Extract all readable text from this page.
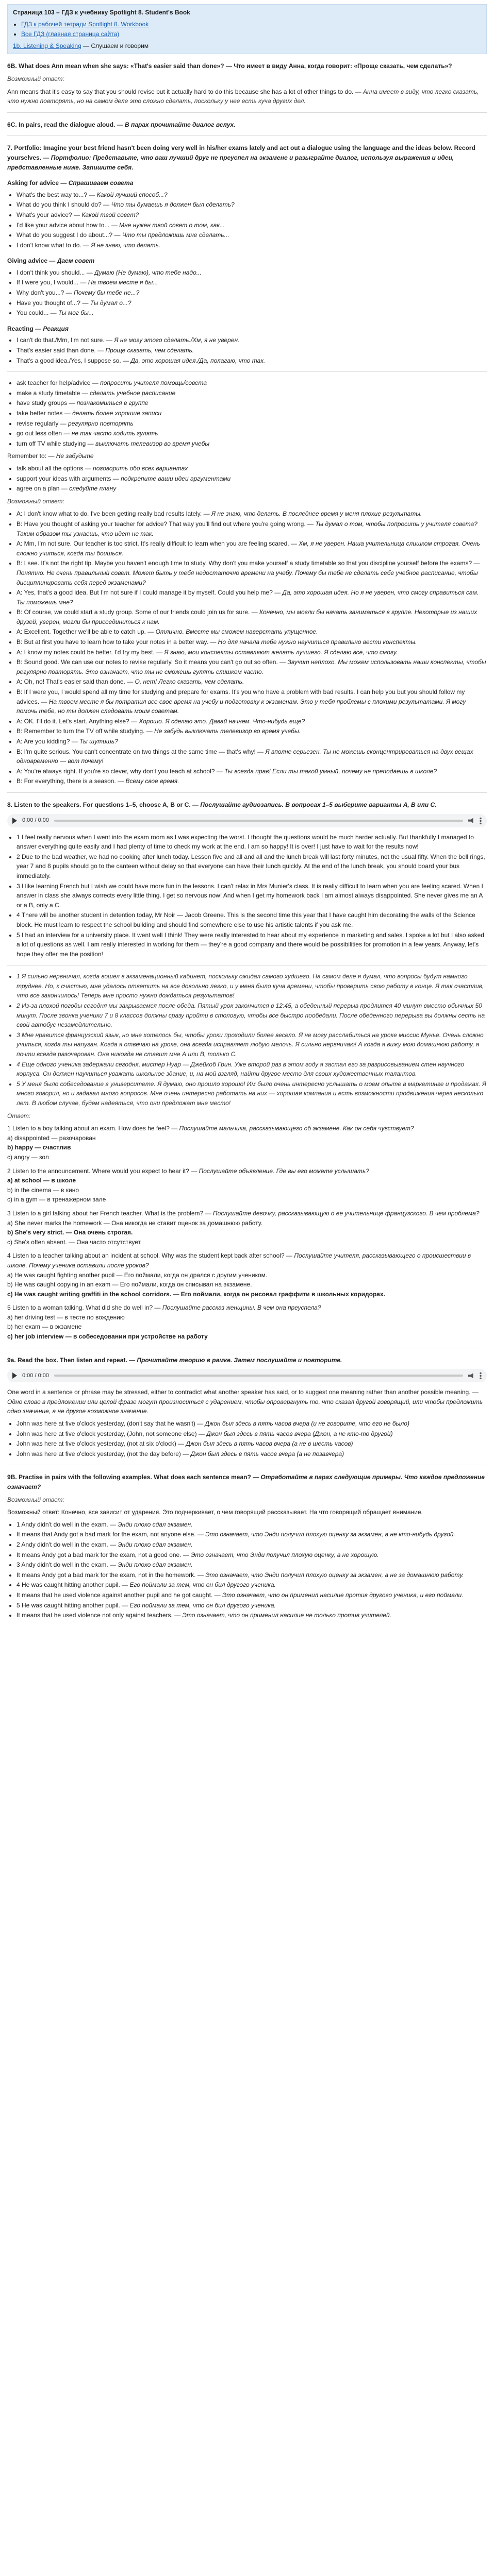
Страница 103 – ГДЗ к учебнику Spotlight 8. Student's Book
• ГДЗ к рабочей тетради Spotlight 8. Workbook
• Все ГДЗ (главная страница сайта)
1b. Listening & Speaking — Слушаем и говорим
6B. What does Ann mean when she says: «That's easier said than done»? — Что имеет в виду Анна, когда говорит: «Проще сказать, чем сделать»?
Возможный ответ:

Ann means that it's easy to say that you should revise but it actually hard to do this because she has a lot of other things to do. — Анна имеет в виду, что легко сказать, что нужно повторять, но на самом деле это сложно сделать, поскольку у нее есть куча других дел.

6C. In pairs, read the dialogue aloud. — В парах прочитайте диалог вслух.
7. Portfolio: Imagine your best friend hasn't been doing very well in his/her exams lately and act out a dialogue using the language and the ideas below. Record yourselves. — Портфолио: Представьте, что ваш лучший друг не преуспел на экзамене и разыграйте диалог, используя выражения и идеи, представленные ниже. Запишите себя.
Asking for advice — Спрашиваем совета
• What's the best way to...? — Какой лучший способ...?
• What do you think I should do? — Что ты думаешь я должен был сделать?
• What's your advice? — Какой твой совет?
• I'd like your advice about how to... — Мне нужен твой совет о том, как...
• What do you suggest I do about...? — Что ты предложишь мне сделать...
• I don't know what to do. — Я не знаю, что делать.
Giving advice — Даем совет
• I don't think you should... — Думаю (Не думаю), что тебе надо...
• If I were you, I would... — На твоем месте я бы...
• Why don't you...? — Почему бы тебе не...?
• Have you thought of...? — Ты думал о...?
• You could... — Ты мог бы...
Reacting — Реакция
• I can't do that./Mm, I'm not sure. — Я не могу этого сделать./Хм, я не уверен.
• That's easier said than done. — Проще сказать, чем сделать.
• That's a good idea./Yes, I suppose so. — Да, это хорошая идея./Да, полагаю, что так.
• ask teacher for help/advice — попросить учителя помощь/совета
• make a study timetable — сделать учебное расписание
• have study groups — познакомиться в группе
• take better notes — делать более хорошие записи
• revise regularly — регулярно повторять
• go out less often — не так часто ходить гулять
• turn off TV while studying — выключать телевизор во время учебы

Remember to: — Не забудьте

• talk about all the options — поговорить обо всех вариантах
• support your ideas with arguments — подкрепите ваши идеи аргументами
• agree on a plan — следуйте плану
Возможный ответ:
• A: I don't know what to do. I've been getting really bad results lately. — Я не знаю, что делать. В последнее время у меня плохие результаты.
• B: Have you thought of asking your teacher for advice? That way you'll find out where you're going wrong. — Ты думал о том, чтобы попросить у учителя совета? Таким образом ты узнаешь, что идет не так.
• A: Mm, I'm not sure. Our teacher is too strict. It's really difficult to learn when you are feeling scared. — Хм, я не уверен. Наша учительница слишком строгая. Очень сложно учиться, когда ты боишься.
• B: I see. It's not the right tip. Maybe you haven't enough time to study. Why don't you make yourself a study timetable so that you discipline yourself before the exams? — Понятно. Не очень правильный совет. Может быть у тебя недостаточно времени на учебу. Почему бы тебе не сделать себе учебное расписание, чтобы дисциплинировать себя перед экзаменами?
• A: Yes, that's a good idea. But I'm not sure if I could manage it by myself. Could you help me? — Да, это хорошая идея. Но я не уверен, что смогу справиться сам. Ты поможешь мне?
• B: Of course, we could start a study group. Some of our friends could join us for sure. — Конечно, мы могли бы начать заниматься в группе. Некоторые из наших друзей, уверен, могли бы присоединиться к нам.
• A: Excellent. Together we'll be able to catch up. — Отлично. Вместе мы сможем наверстать упущенное.
• B: But at first you have to learn how to take your notes in a better way. — Но для начала тебе нужно научиться правильно вести конспекты.
• A: I know my notes could be better. I'd try my best. — Я знаю, мои конспекты оставляют желать лучшего. Я сделаю все, что смогу.
• B: Sound good. We can use our notes to revise regularly. So it means you can't go out so often. — Звучит неплохо. Мы можем использовать наши конспекты, чтобы регулярно повторять. Это означает, что ты не сможешь гулять слишком часто.
• A: Oh, no! That's easier said than done. — О, нет! Легко сказать, чем сделать.
• B: If I were you, I would spend all my time for studying and prepare for exams. It's you who have a problem with bad results. I can help you but you should follow my advices. — На твоем месте я бы потратил все свое время на учебу и подготовку к экзаменам. Это у тебя проблемы с плохими результатами. Я могу помочь тебе, но ты должен следовать моим советам.
• A: OK. I'll do it. Let's start. Anything else? — Хорошо. Я сделаю это. Давай начнем. Что-нибудь еще?
• B: Remember to turn the TV off while studying. — Не забудь выключать телевизор во время учебы.
• A: Are you kidding? — Ты шутишь?
• B: I'm quite serious. You can't concentrate on two things at the same time — that's why! — Я вполне серьезен. Ты не можешь сконцентрироваться на двух вещах одновременно — вот почему!
• A: You're always right. If you're so clever, why don't you teach at school? — Ты всегда прав! Если ты такой умный, почему не преподаешь в школе?
• B: For everything, there is a season. — Всему свое время.
8. Listen to the speakers. For questions 1–5, choose A, B or C. — Послушайте аудиозапись. В вопросах 1–5 выберите варианты А, В или С.
0:00 / 0:00
• 1 I feel really nervous when I went into the exam room as I was expecting the worst. I thought the questions would be much harder actually. But thankfully I managed to answer everything quite easily and I had plenty of time to check my work at the end. I am so happy! It is over! I just have to wait for the results now!
• 2 Due to the bad weather, we had no cooking after lunch today. Lesson five and all and all and the lunch break will last forty minutes, not the usual fifty. When the bell rings, year 7 and 8 pupils should go to the canteen without delay so that everyone can have their lunch quickly. At the end of the lunch break, you should board your bus immediately.
• 3 I like learning French but I wish we could have more fun in the lessons. I can't relax in Mrs Munier's class. It is really difficult to learn when you are feeling scared. When I answer in class she always corrects every little thing. I get so nervous now! And when I get my homework back I am almost always disappointed. She never gives me an A or a B, only a C.
• 4 There will be another student in detention today, Mr Noir — Jacob Greene. This is the second time this year that I have caught him decorating the walls of the Science block. He must learn to respect the school building and should find somewhere else to use his artistic talents if you ask me.
• 5 I had an interview for a university place. It went well I think! They were really interested to hear about my experience in marketing and sales. I spoke a lot but I also asked a lot of questions as well. I am really interested in working for them — they're a good company and there would be possibilities for promotion in a few years. Anyway, let's hope they offer me the position!
• 1 Я сильно нервничал, когда вошел в экзаменационный кабинет, поскольку ожидал самого худшего. На самом деле я думал, что вопросы будут намного труднее. Но, к счастью, мне удалось ответить на все довольно легко, и у меня было куча времени, чтобы проверить свою работу в конце. Я так счастлив, что все закончилось! Теперь мне просто нужно дождаться результатов!
• 2 Из-за плохой погоды сегодня мы закрываемся после обеда. Пятый урок закончится в 12:45, а обеденный перерыв продлится 40 минут вместо обычных 50 минут. После звонка ученики 7 и 8 классов должны сразу пройти в столовую, чтобы все быстро пообедали. После обеденного перерыва вы должны сесть на свой автобус незамедлительно.
• 3 Мне нравится французский язык, но мне хотелось бы, чтобы уроки проходили более весело. Я не могу расслабиться на уроке миссис Мунье. Очень сложно учиться, когда ты напуган. Когда я отвечаю на уроке, она всегда исправляет любую мелочь. Я сильно нервничаю! А когда я вижу мою домашнюю работу, я почти всегда разочарован. Она никогда не ставит мне А или В, только С.
• 4 Еще одного ученика задержали сегодня, мистер Нуар — Джейкоб Грин. Уже второй раз в этом году я застал его за разрисовыванием стен научного корпуса. Он должен научиться уважать школьное здание, и, на мой взгляд, найти другое место для своих художественных талантов.
• 5 У меня было собеседование в университете. Я думаю, оно прошло хорошо! Им было очень интересно услышать о моем опыте в маркетинге и продажах. Я много говорил, но и задавал много вопросов. Мне очень интересно работать на них — хорошая компания и есть возможности продвижения через несколько лет. В любом случае, будем надеяться, что они предложат мне место!
Ответ:
1 Listen to a boy talking about an exam. How does he feel? — Послушайте мальчика, рассказывающего об экзамене. Как он себя чувствует?
a) disappointed — разочарован
b) happy — счастлив
c) angry — зол
2 Listen to the announcement. Where would you expect to hear it? — Послушайте объявление. Где вы его можете услышать?
a) at school — в школе
b) in the cinema — в кино
c) in a gym — в тренажерном зале
3 Listen to a girl talking about her French teacher. What is the problem? — Послушайте девочку, рассказывающую о ее учительнице французского. В чем проблема?
a) She never marks the homework — Она никогда не ставит оценок за домашнюю работу.
b) She's very strict. — Она очень строгая.
c) She's often absent. — Она часто отсутствует.
4 Listen to a teacher talking about an incident at school. Why was the student kept back after school? — Послушайте учителя, рассказывающего о происшествии в школе. Почему ученика оставили после уроков?
a) He was caught fighting another pupil — Его поймали, когда он дрался с другим учеником.
b) He was caught copying in an exam — Его поймали, когда он списывал на экзамене.
c) He was caught writing graffiti in the school corridors. — Его поймали, когда он рисовал граффити в школьных коридорах.
5 Listen to a woman talking. What did she do well in? — Послушайте рассказ женщины. В чем она преуспела?
a) her driving test — в тесте по вождению
b) her exam — в экзамене
c) her job interview — в собеседовании при устройстве на работу
9a. Read the box. Then listen and repeat. — Прочитайте теорию в рамке. Затем послушайте и повторите.
0:00 / 0:00

One word in a sentence or phrase may be stressed, either to contradict what another speaker has said, or to suggest one meaning rather than another possible meaning. — Одно слово в предложении или целой фразе могут произноситься с ударением, чтобы опровергнуть то, что сказал другой говорящий, или чтобы предложить одно значение, а не другое возможное значение.

• John was here at five o'clock yesterday, (don't say that he wasn't) — Джон был здесь в пять часов вчера (и не говорите, что его не было)
• John was here at five o'clock yesterday, (John, not someone else) — Джон был здесь в пять часов вчера (Джон, а не кто-то другой)
• John was here at five o'clock yesterday, (not at six o'clock) — Джон был здесь в пять часов вчера (а не в шесть часов)
• John was here at five o'clock yesterday, (not the day before) — Джон был здесь в пять часов вчера (а не позавчера)
9B. Practise in pairs with the following examples. What does each sentence mean? — Отработайте в парах следующие примеры. Что каждое предложение означает?
Возможный ответ:

Возможный ответ: Конечно, все зависит от ударения. Это подчеркивает, о чем говорящий рассказывает. На что говорящий обращает внимание.

• 1 Andy didn't do well in the exam. — Энди плохо сдал экзамен.
• It means that Andy got a bad mark for the exam, not anyone else. — Это означает, что Энди получил плохую оценку за экзамен, а не кто-нибудь другой.
• 2 Andy didn't do well in the exam. — Энди плохо сдал экзамен.
• It means Andy got a bad mark for the exam, not a good one. — Это означает, что Энди получил плохую оценку, а не хорошую.
• 3 Andy didn't do well in the exam. — Энди плохо сдал экзамен.
• It means Andy got a bad mark for the exam, not in the homework. — Это означает, что Энди получил плохую оценку за экзамен, а не за домашнюю работу.
• 4 He was caught hitting another pupil. — Его поймали за тем, что он бил другого ученика.
• It means that he used violence against another pupil and he got caught. — Это означает, что он применил насилие против другого ученика, и его поймали.
• 5 He was caught hitting another pupil. — Его поймали за тем, что он бил другого ученика.
• It means that he used violence not only against teachers. — Это означает, что он применил насилие не только против учителей.
